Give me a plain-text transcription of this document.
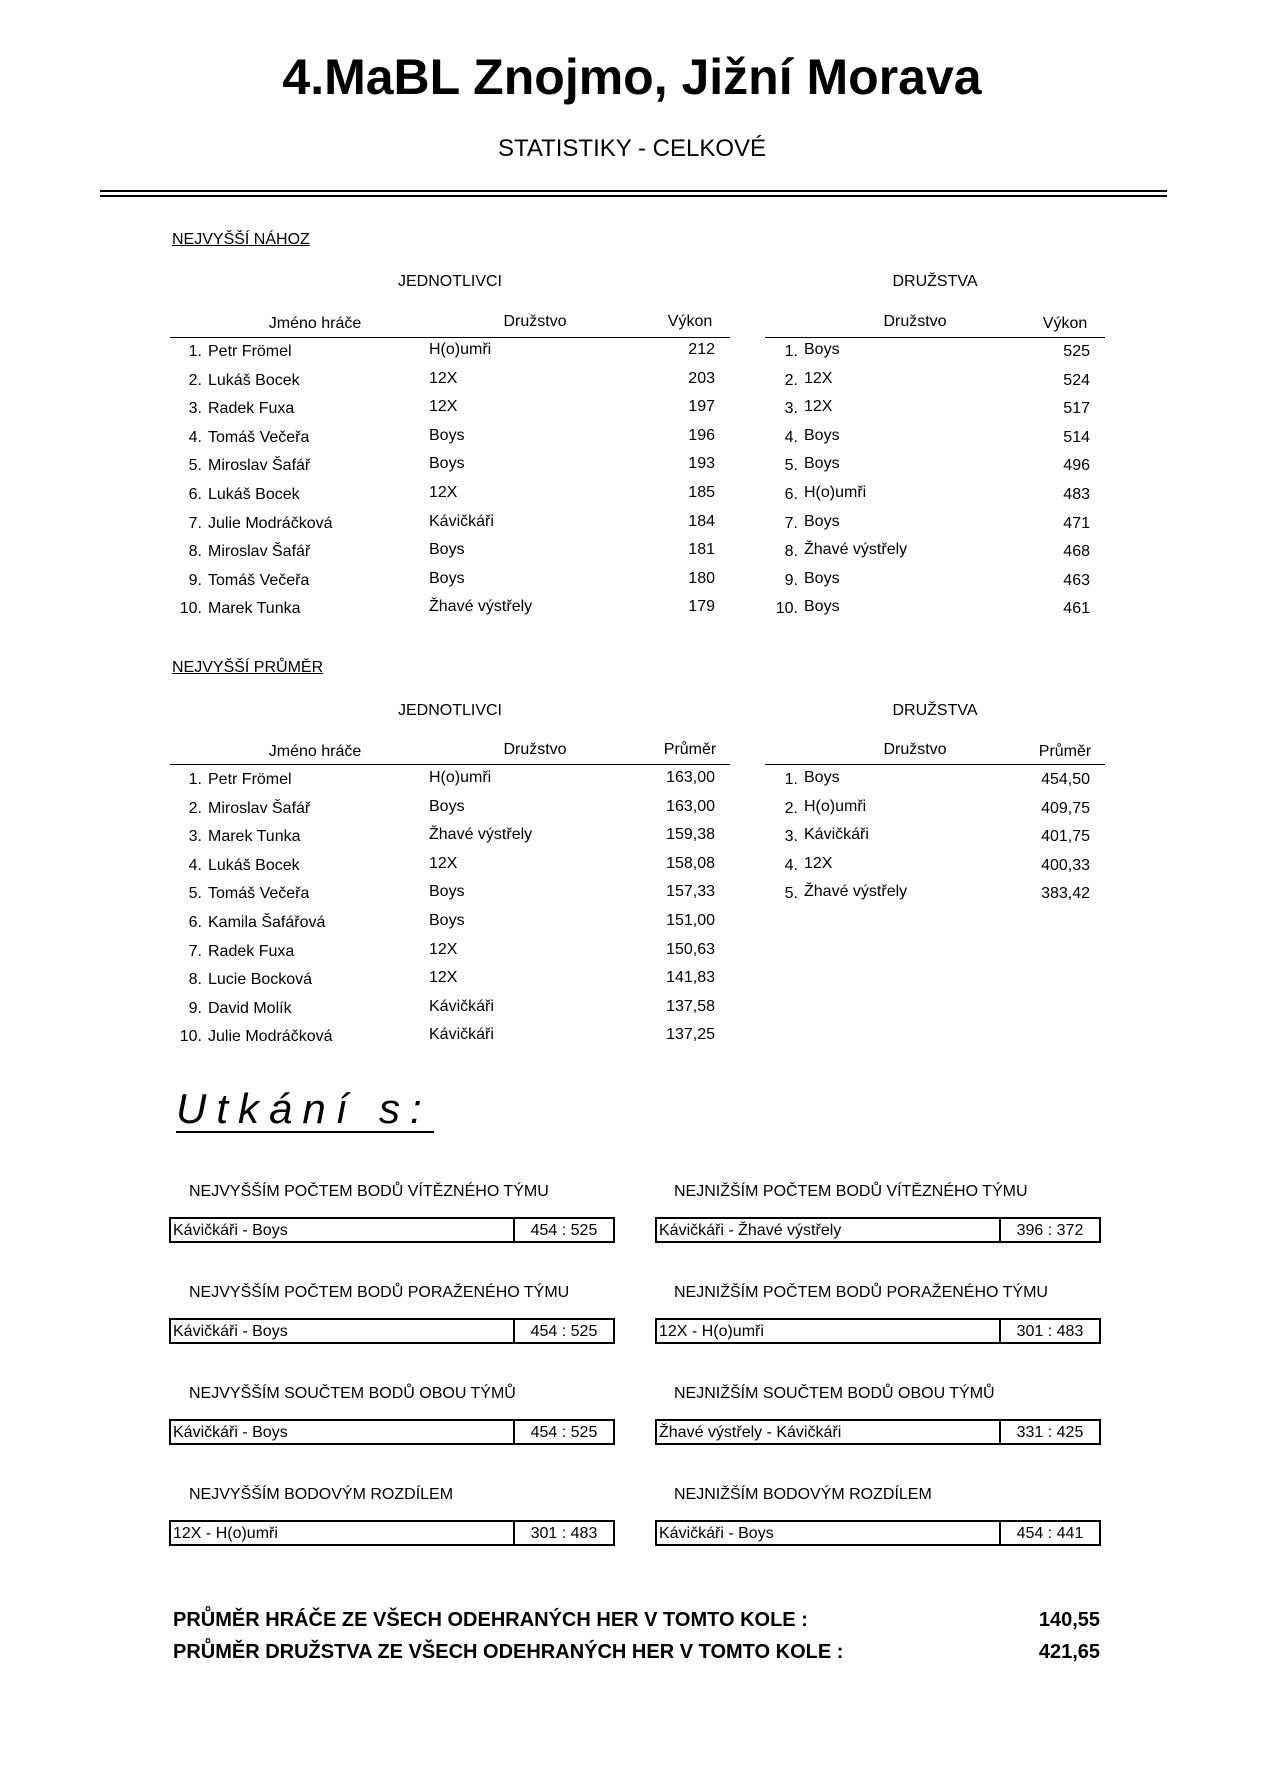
4.MaBL Znojmo, Jižní Morava
STATISTIKY - CELKOVÉ
NEJVYŠŠÍ NÁHOZ
JEDNOTLIVCI	DRUŽSTVA
Jméno hráče	Družstvo	Výkon	Družstvo	Výkon
1. Petr Frömel	H(o)umři	212
2. Lukáš Bocek	12X	203
3. Radek Fuxa	12X	197
4. Tomáš Večeřa	Boys	196
5. Miroslav Šafář	Boys	193
6. Lukáš Bocek	12X	185
7. Julie Modráčková	Kávičkáři	184
8. Miroslav Šafář	Boys	181
9. Tomáš Večeřa	Boys	180
10. Marek Tunka	Žhavé výstřely	179
1. Boys	525
2. 12X	524
3. 12X	517
4. Boys	514
5. Boys	496
6. H(o)umři	483
7. Boys	471
8. Žhavé výstřely	468
9. Boys	463
10. Boys	461
NEJVYŠŠÍ PRŮMĚR
JEDNOTLIVCI	DRUŽSTVA
Jméno hráče	Družstvo	Průměr	Družstvo	Průměr
1. Petr Frömel	H(o)umři	163,00
2. Miroslav Šafář	Boys	163,00
3. Marek Tunka	Žhavé výstřely	159,38
4. Lukáš Bocek	12X	158,08
5. Tomáš Večeřa	Boys	157,33
6. Kamila Šafářová	Boys	151,00
7. Radek Fuxa	12X	150,63
8. Lucie Bocková	12X	141,83
9. David Molík	Kávičkáři	137,58
10. Julie Modráčková	Kávičkáři	137,25
1. Boys	454,50
2. H(o)umři	409,75
3. Kávičkáři	401,75
4. 12X	400,33
5. Žhavé výstřely	383,42
Utkání s:
NEJVYŠŠÍM POČTEM BODŮ VÍTĚZNÉHO TÝMU
Kávičkáři - Boys	454 : 525
NEJNIŽŠÍM POČTEM BODŮ VÍTĚZNÉHO TÝMU
Kávičkáři - Žhavé výstřely	396 : 372
NEJVYŠŠÍM POČTEM BODŮ PORAŽENÉHO TÝMU
Kávičkáři - Boys	454 : 525
NEJNIŽŠÍM POČTEM BODŮ PORAŽENÉHO TÝMU
12X - H(o)umři	301 : 483
NEJVYŠŠÍM SOUČTEM BODŮ OBOU TÝMŮ
Kávičkáři - Boys	454 : 525
NEJNIŽŠÍM SOUČTEM BODŮ OBOU TÝMŮ
Žhavé výstřely - Kávičkáři	331 : 425
NEJVYŠŠÍM BODOVÝM ROZDÍLEM
12X - H(o)umři	301 : 483
NEJNIŽŠÍM BODOVÝM ROZDÍLEM
Kávičkáři - Boys	454 : 441
PRŮMĚR HRÁČE ZE VŠECH ODEHRANÝCH HER V TOMTO KOLE :	140,55
PRŮMĚR DRUŽSTVA ZE VŠECH ODEHRANÝCH HER V TOMTO KOLE :	421,65
